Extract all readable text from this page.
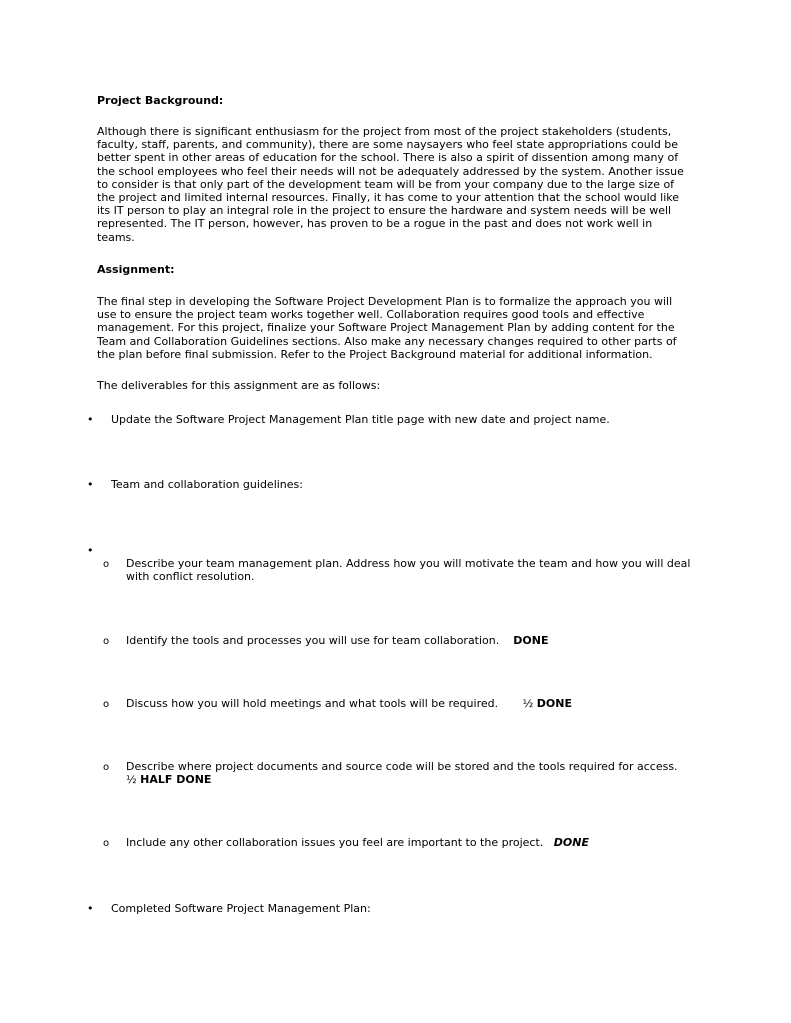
Project Background:

Although there is significant enthusiasm for the project from most of the project stakeholders (students,

faculty, staff, parents, and community), there are some naysayers who feel state appropriations could be

better spent in other areas of education for the school. There is also a spirit of dissention among many of

the school employees who feel their needs will not be adequately addressed by the system. Another issue

to consider is that only part of the development team will be from your company due to the large size of

the project and limited internal resources. Finally, it has come to your attention that the school would like

its IT person to play an integral role in the project to ensure the hardware and system needs will be well

represented. The IT person, however, has proven to be a rogue in the past and does not work well in

teams.

Assignment:

The final step in developing the Software Project Development Plan is to formalize the approach you will

use to ensure the project team works together well. Collaboration requires good tools and effective

management. For this project, finalize your Software Project Management Plan by adding content for the

Team and Collaboration Guidelines sections. Also make any necessary changes required to other parts of

the plan before final submission. Refer to the Project Background material for additional information.

The deliverables for this assignment are as follows:

• Update the Software Project Management Plan title page with new date and project name.
• Team and collaboration guidelines:
•
o Describe your team management plan. Address how you will motivate the team and how you will deal

with conflict resolution.

o Identify the tools and processes you will use for team collaboration. DONE

o Discuss how you will hold meetings and what tools will be required. ½ DONE

o Describe where project documents and source code will be stored and the tools required for access.

½ HALF DONE

o Include any other collaboration issues you feel are important to the project. DONE

• Completed Software Project Management Plan:
